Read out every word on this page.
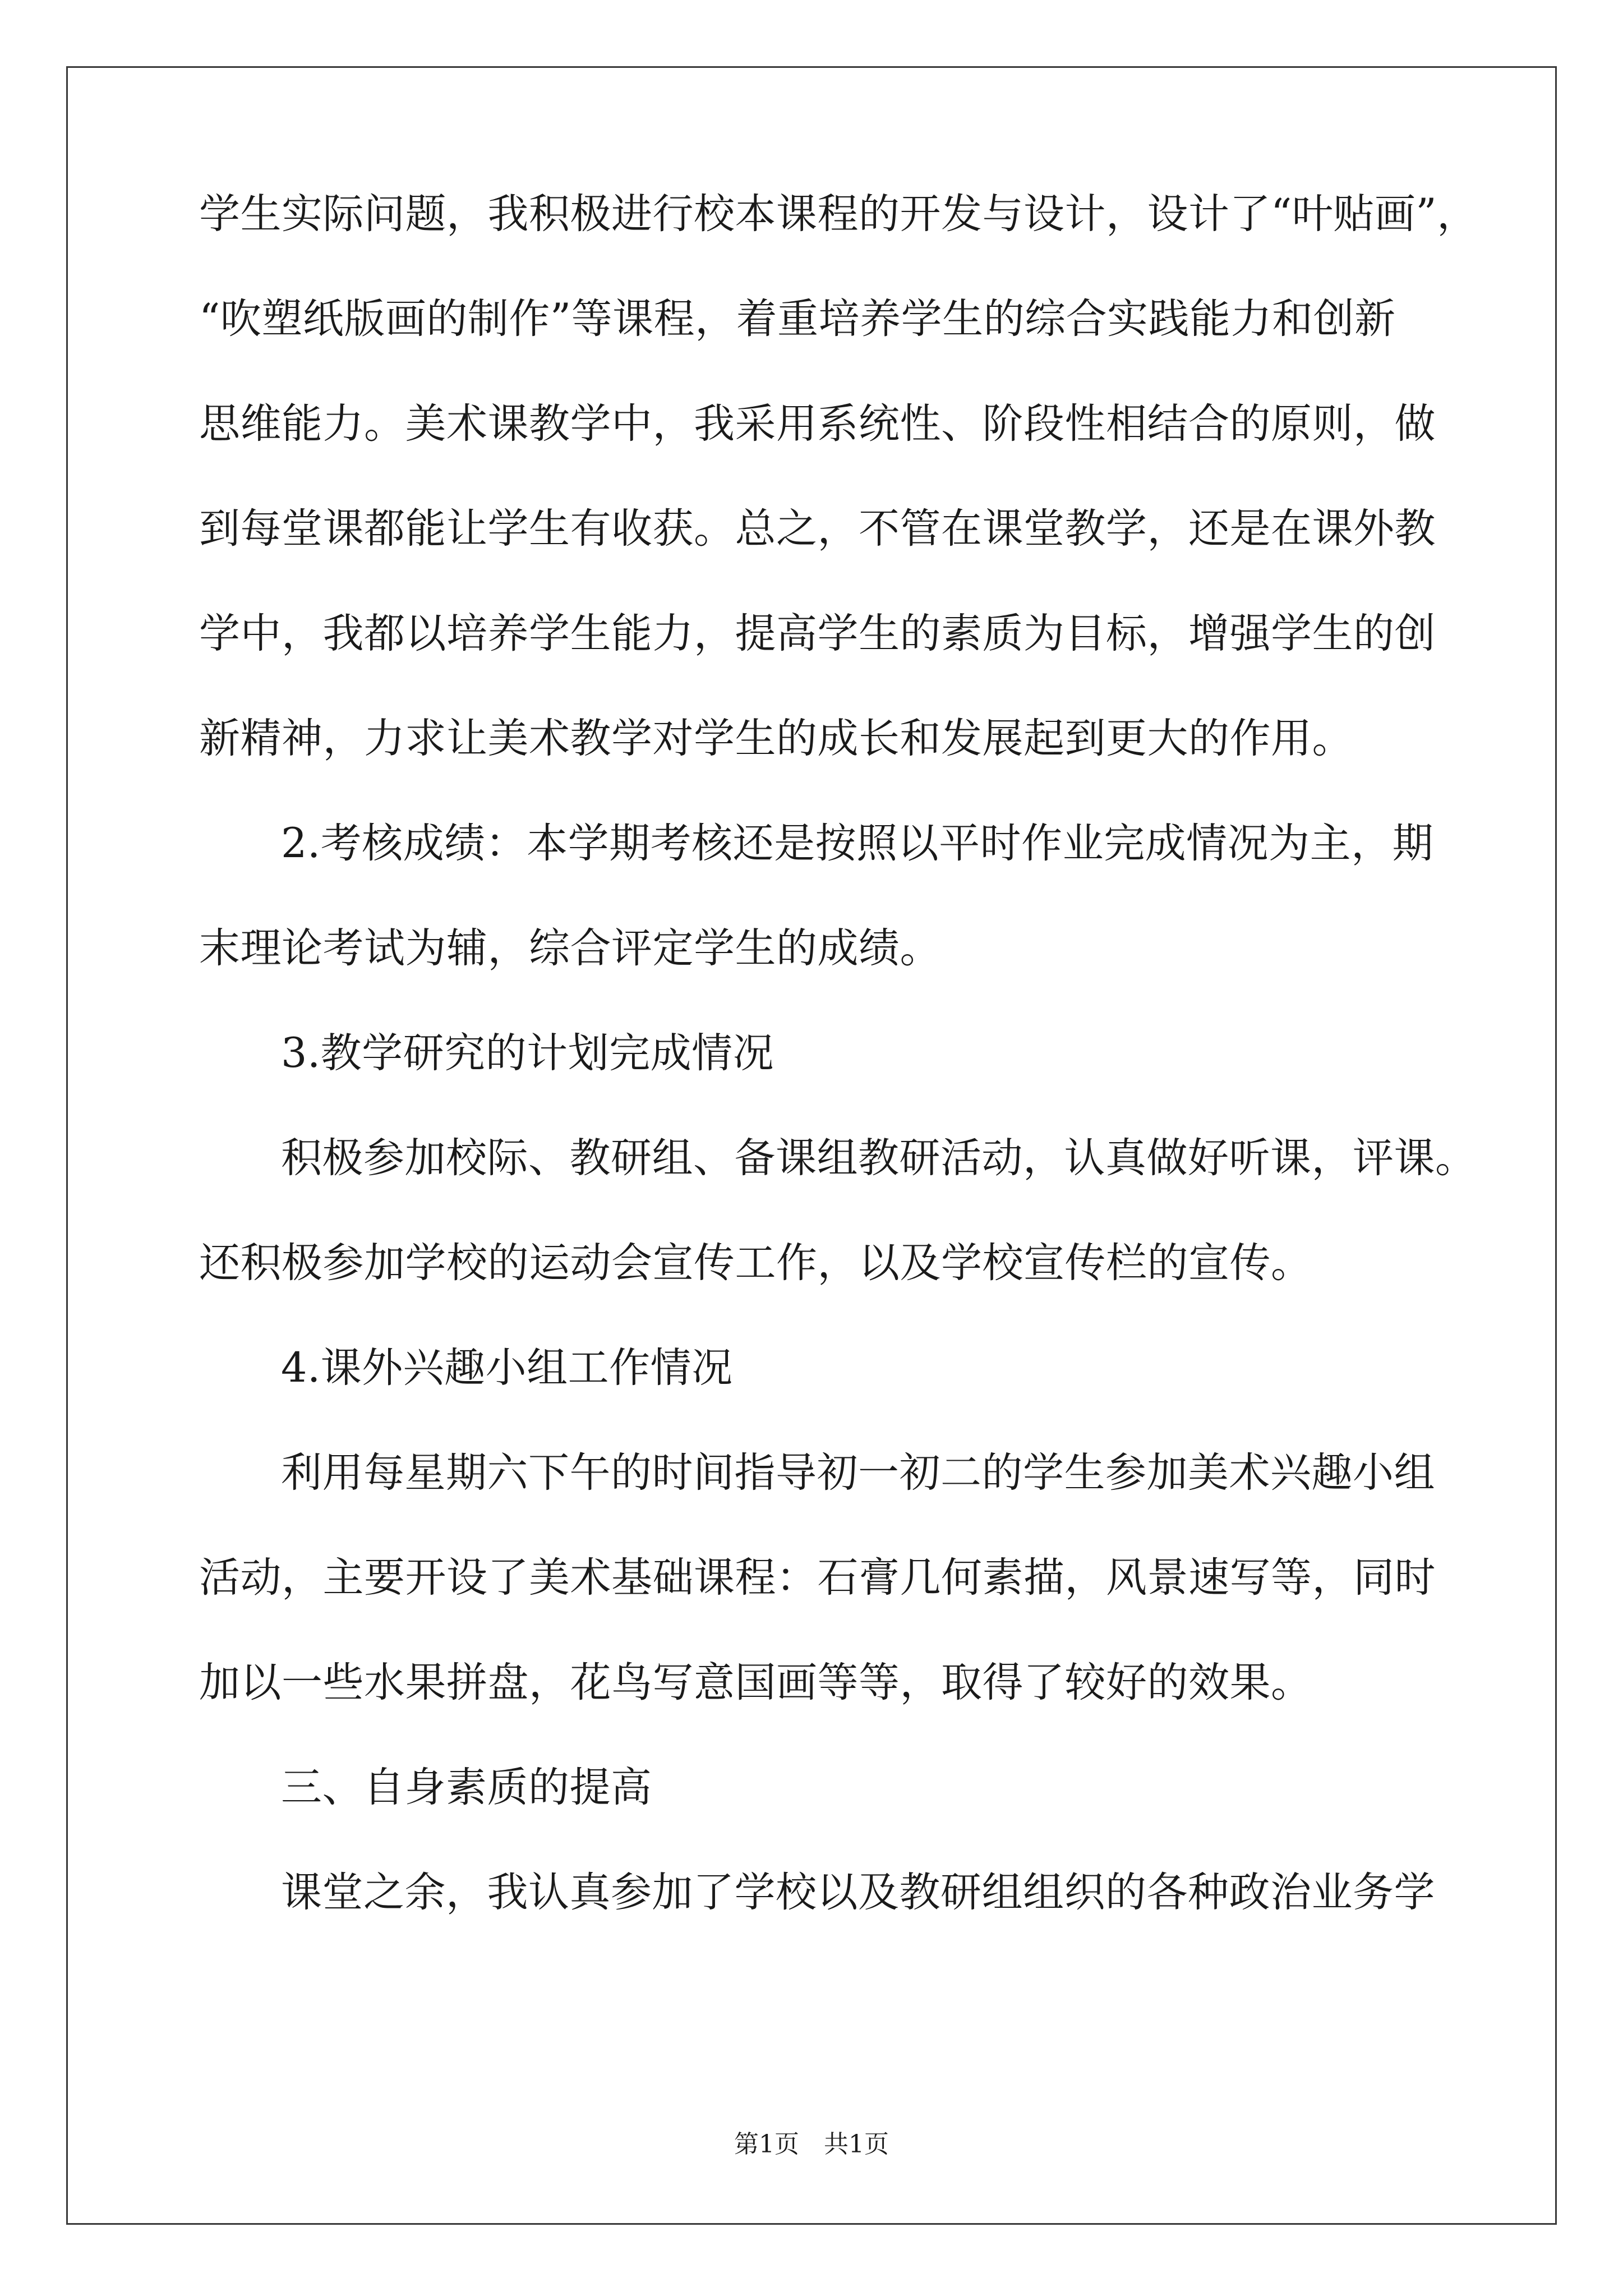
学生实际问题，我积极进行校本课程的开发与设计，设计了“叶贴画”，
“吹塑纸版画的制作”等课程，着重培养学生的综合实践能力和创新
思维能力。美术课教学中，我采用系统性、阶段性相结合的原则，做
到每堂课都能让学生有收获。总之，不管在课堂教学，还是在课外教
学中，我都以培养学生能力，提高学生的素质为目标，增强学生的创
新精神，力求让美术教学对学生的成长和发展起到更大的作用。
2.考核成绩：本学期考核还是按照以平时作业完成情况为主，期
末理论考试为辅，综合评定学生的成绩。
3.教学研究的计划完成情况
积极参加校际、教研组、备课组教研活动，认真做好听课，评课。
还积极参加学校的运动会宣传工作，以及学校宣传栏的宣传。
4.课外兴趣小组工作情况
利用每星期六下午的时间指导初一初二的学生参加美术兴趣小组
活动，主要开设了美术基础课程：石膏几何素描，风景速写等，同时
加以一些水果拼盘，花鸟写意国画等等，取得了较好的效果。
三、自身素质的提高
课堂之余，我认真参加了学校以及教研组组织的各种政治业务学
第1页　共1页
